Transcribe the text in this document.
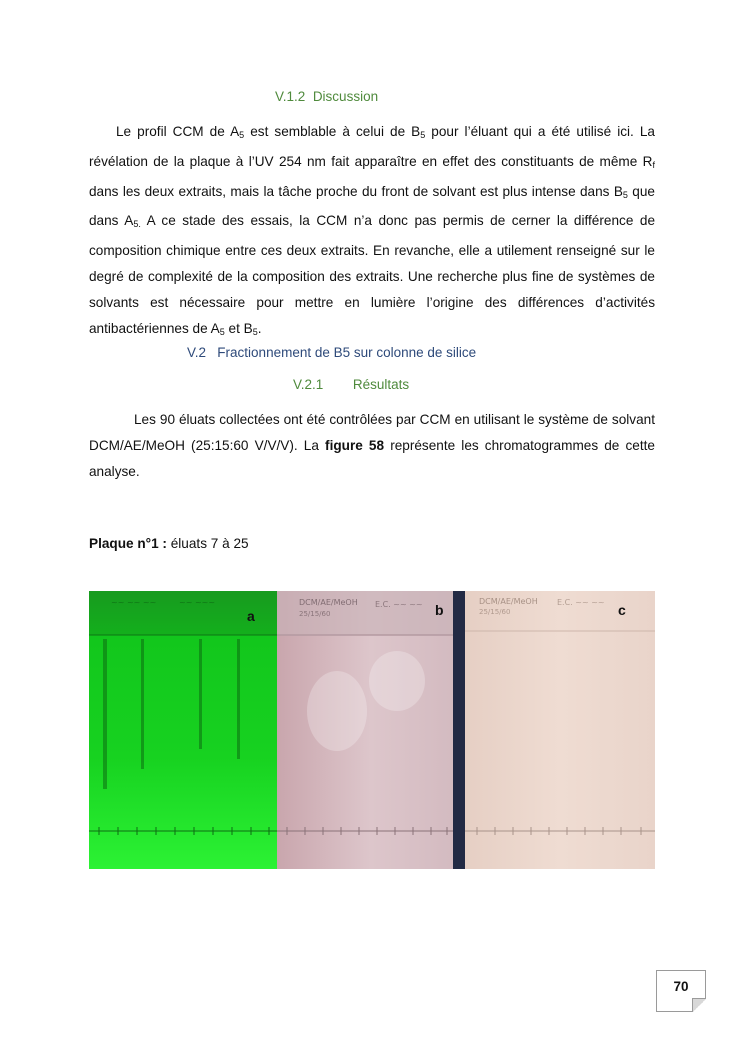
V.1.2 Discussion

Le profil CCM de $A_5$ est semblable à celui de $B_5$ pour l’éluant qui a été utilisé ici. La révélation de la plaque à l’UV 254 nm fait apparaître en effet des constituants de même $R_f$ dans les deux extraits, mais la tâche proche du front de solvant est plus intense dans $B_5$ que dans $A_{5.}$ A ce stade des essais, la CCM n’a donc pas permis de cerner la différence de composition chimique entre ces deux extraits. En revanche, elle a utilement renseigné sur le degré de complexité de la composition des extraits. Une recherche plus fine de systèmes de solvants est nécessaire pour mettre en lumière l’origine des différences d’activités antibactériennes de $A_5$ et $B_5$.

V.2 Fractionnement de B5 sur colonne de silice
V.2.1 Résultats

Les 90 éluats collectées ont été contrôlées par CCM en utilisant le système de solvant DCM/AE/MeOH (25:15:60 V/V/V). La figure 58 représente les chromatogrammes de cette analyse.

Plaque n°1 : éluats 7 à 25
~~ ~~ ~~	~~ ~~~
a
DCM/AE/MeOH
25/15/60
E.C. ~~ ~~ b
DCM/AE/MeOH
25/15/60
E.C. ~~ ~~ c
70
